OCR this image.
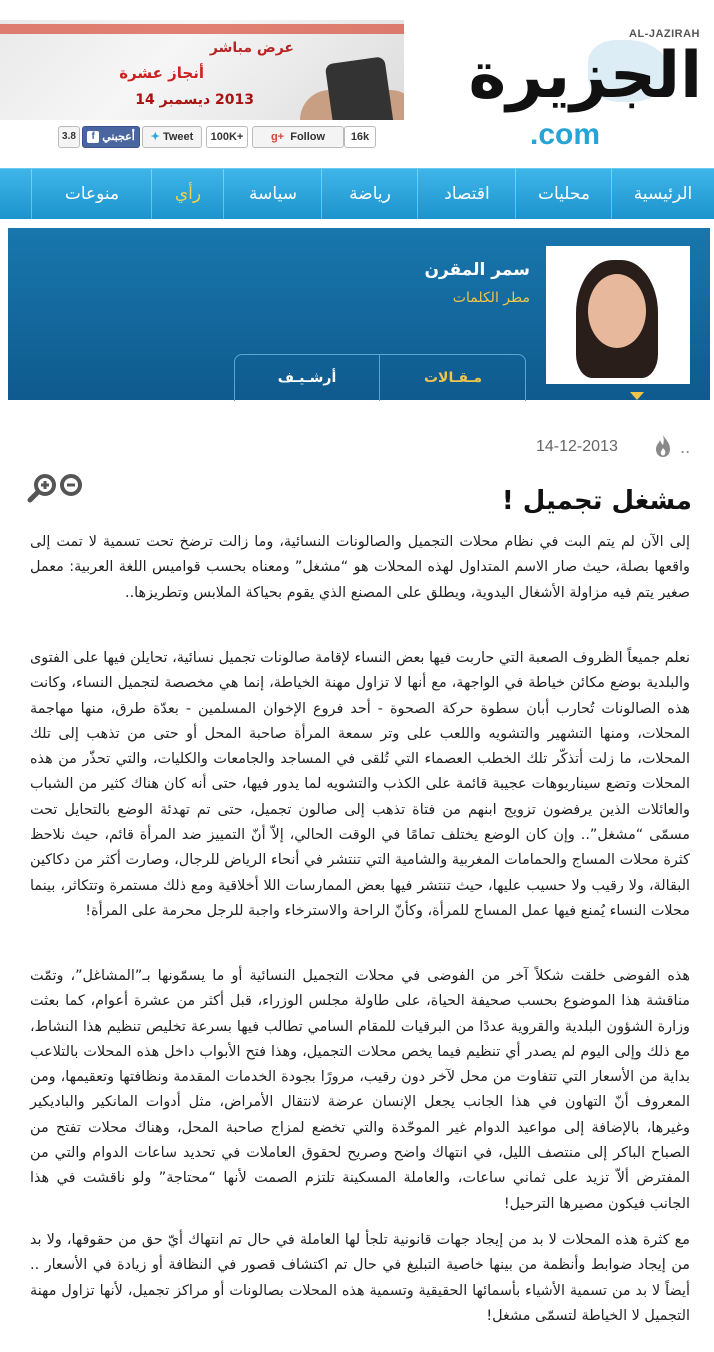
عرض مباشر
أنجاز عشرة
2013 ديسمبر 14
AL-JAZIRAH
الجزيرة
.com
3.8	f أعجبني	✦ Tweet	100K+	g+ Follow	16k
الرئيسية
محليات
اقتصاد
رياضة
سياسة
رأي
منوعات
سمر المقرن
مطر الكلمات
مـقـالات
أرشـيـف
..
14-12-2013
مشغل تجميل !
إلى الآن لم يتم البت في نظام محلات التجميل والصالونات النسائية، وما زالت ترضخ تحت تسمية لا تمت إلى واقعها بصلة، حيث صار الاسم المتداول لهذه المحلات هو “مشغل” ومعناه بحسب قواميس اللغة العربية: معمل صغير يتم فيه مزاولة الأشغال اليدوية، ويطلق على المصنع الذي يقوم بحياكة الملابس وتطريزها..
نعلم جميعاً الظروف الصعبة التي حاربت فيها بعض النساء لإقامة صالونات تجميل نسائية، تحايلن فيها على الفتوى والبلدية بوضع مكائن خياطة في الواجهة، مع أنها لا تزاول مهنة الخياطة، إنما هي مخصصة لتجميل النساء، وكانت هذه الصالونات تُحارب أبان سطوة حركة الصحوة - أحد فروع الإخوان المسلمين - بعدّة طرق، منها مهاجمة المحلات، ومنها التشهير والتشويه واللعب على وتر سمعة المرأة صاحبة المحل أو حتى من تذهب إلى تلك المحلات، ما زلت أتذكّر تلك الخطب العصماء التي تُلقى في المساجد والجامعات والكليات، والتي تحذّر من هذه المحلات وتضع سيناريوهات عجيبة قائمة على الكذب والتشويه لما يدور فيها، حتى أنه كان هناك كثير من الشباب والعائلات الذين يرفضون تزويج ابنهم من فتاة تذهب إلى صالون تجميل، حتى تم تهدئة الوضع بالتحايل تحت مسمّى “مشغل”.. وإن كان الوضع يختلف تمامًا في الوقت الحالي، إلاّ أنّ التمييز ضد المرأة قائم، حيث نلاحظ كثرة محلات المساج والحمامات المغربية والشامية التي تنتشر في أنحاء الرياض للرجال، وصارت أكثر من دكاكين البقالة، ولا رقيب ولا حسيب عليها، حيث تنتشر فيها بعض الممارسات اللا أخلاقية ومع ذلك مستمرة وتتكاثر، بينما محلات النساء يُمنع فيها عمل المساج للمرأة، وكأنّ الراحة والاسترخاء واجبة للرجل محرمة على المرأة!
هذه الفوضى خلقت شكلاً آخر من الفوضى في محلات التجميل النسائية أو ما يسمّونها بـ”المشاغل”، وتمّت مناقشة هذا الموضوع بحسب صحيفة الحياة، على طاولة مجلس الوزراء، قبل أكثر من عشرة أعوام، كما بعثت وزارة الشؤون البلدية والقروية عددًا من البرقيات للمقام السامي تطالب فيها بسرعة تخليص تنظيم هذا النشاط، مع ذلك وإلى اليوم لم يصدر أي تنظيم فيما يخص محلات التجميل، وهذا فتح الأبواب داخل هذه المحلات بالتلاعب بداية من الأسعار التي تتفاوت من محل لآخر دون رقيب، مرورًا بجودة الخدمات المقدمة ونظافتها وتعقيمها، ومن المعروف أنّ التهاون في هذا الجانب يجعل الإنسان عرضة لانتقال الأمراض، مثل أدوات المانكير والباديكير وغيرها، بالإضافة إلى مواعيد الدوام غير الموحّدة والتي تخضع لمزاج صاحبة المحل، وهناك محلات تفتح من الصباح الباكر إلى منتصف الليل، في انتهاك واضح وصريح لحقوق العاملات في تحديد ساعات الدوام والتي من المفترض ألاّ تزيد على ثماني ساعات، والعاملة المسكينة تلتزم الصمت لأنها “محتاجة” ولو ناقشت في هذا الجانب فيكون مصيرها الترحيل!
مع كثرة هذه المحلات لا بد من إيجاد جهات قانونية تلجأ لها العاملة في حال تم انتهاك أيّ حق من حقوقها، ولا بد من إيجاد ضوابط وأنظمة من بينها خاصية التبليغ في حال تم اكتشاف قصور في النظافة أو زيادة في الأسعار .. أيضاً لا بد من تسمية الأشياء بأسمائها الحقيقية وتسمية هذه المحلات بصالونات أو مراكز تجميل، لأنها تزاول مهنة التجميل لا الخياطة لتسمّى مشغل!
